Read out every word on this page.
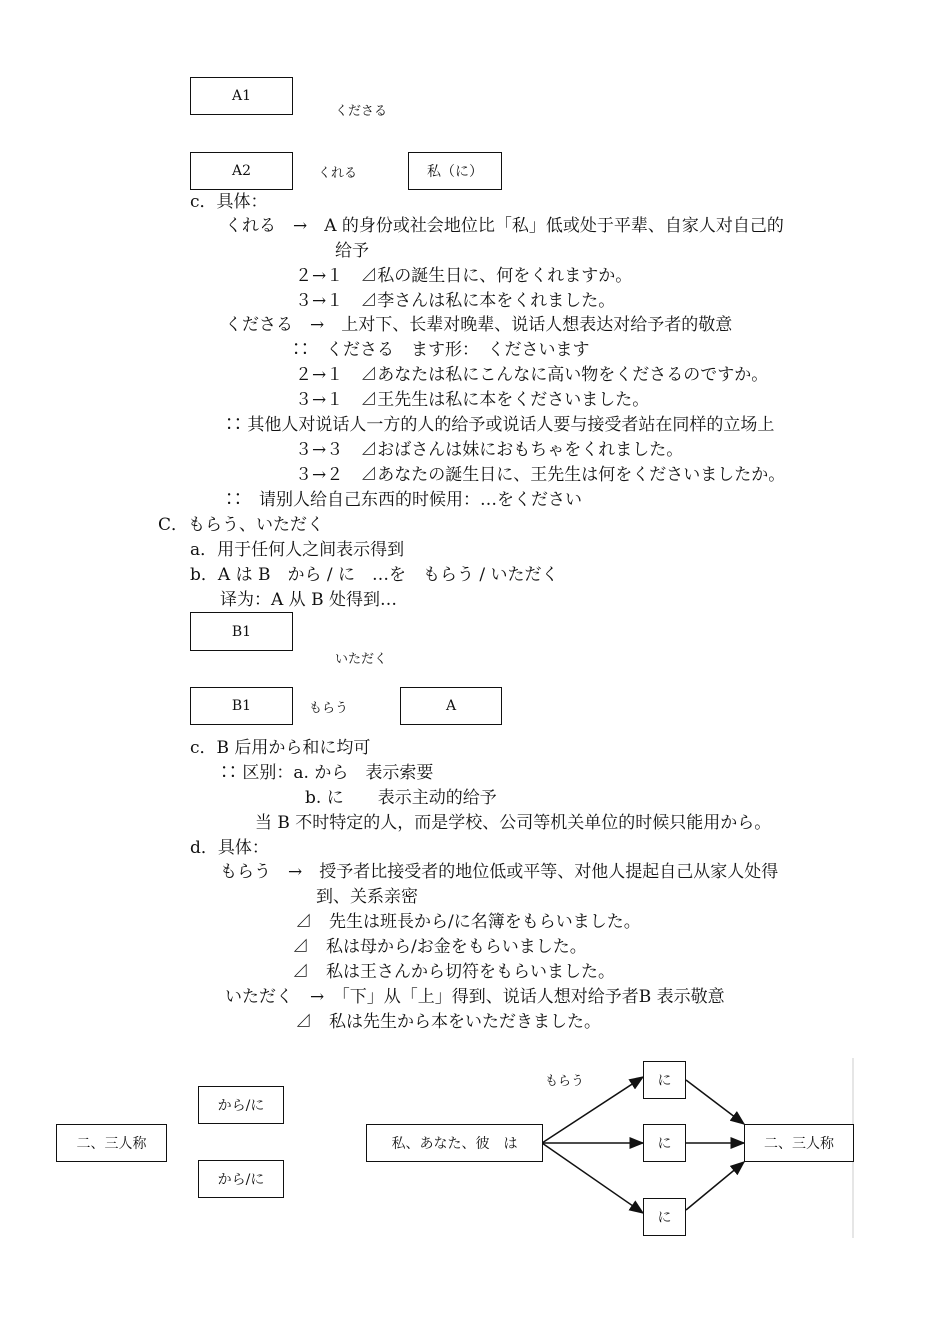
A1
くださる
A2	くれる	私（に）
c．具体：
くれる　→　A 的身份或社会地位比「私」低或处于平辈、自家人对自己的
给予
２→１　⊿私の誕生日に、何をくれますか。
３→１　⊿李さんは私に本をくれました。
くださる　→　上对下、长辈对晚辈、说话人想表达对给予者的敬意
∷　くださる　ます形：　くださいます
２→１　⊿あなたは私にこんなに高い物をくださるのですか。
３→１　⊿王先生は私に本をくださいました。
∷ 其他人对说话人一方的人的给予或说话人要与接受者站在同样的立场上
３→３　⊿おばさんは妹におもちゃをくれました。
３→２　⊿あなたの誕生日に、王先生は何をくださいましたか。
∷　请别人给自己东西的时候用：…をください
C．もらう、いただく
a．用于任何人之间表示得到
b．A は B　から / に　…を　もらう / いただく
译为：A 从 B 处得到…
B1
いただく
B1	もらう	A
c．B 后用から和に均可
∷ 区别：a. から　表示索要
b. に　　表示主动的给予
当 B 不时特定的人，而是学校、公司等机关单位的时候只能用から。
d．具体：
もらう　→　授予者比接受者的地位低或平等、对他人提起自己从家人处得
到、关系亲密
⊿　先生は班長から/に名簿をもらいました。
⊿　私は母から/お金をもらいました。
⊿　私は王さんから切符をもらいました。
いただく　→　「下」从「上」得到、说话人想对给予者B 表示敬意
⊿　私は先生から本をいただきました。
から/に
二、三人称
から/に
私、あなた、彼　は
もらう	に
に
に
二、三人称
